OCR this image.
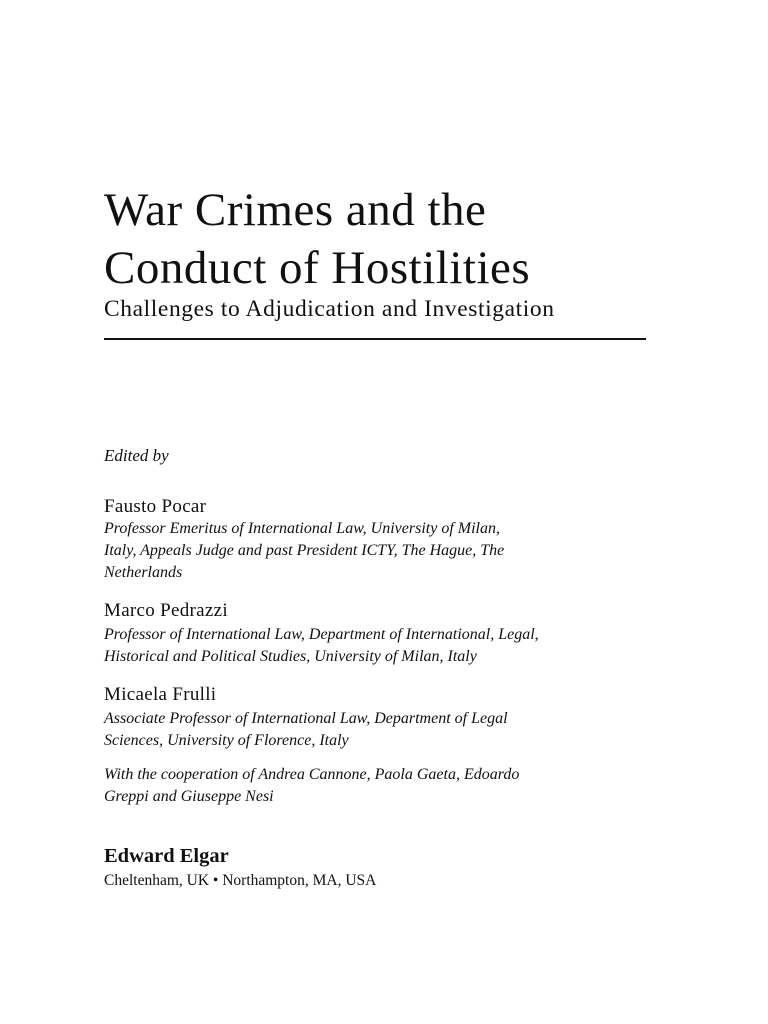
War Crimes and the
Conduct of Hostilities
Challenges to Adjudication and Investigation
Edited by
Fausto Pocar
Professor Emeritus of International Law, University of Milan,
Italy, Appeals Judge and past President ICTY, The Hague, The
Netherlands
Marco Pedrazzi
Professor of International Law, Department of International, Legal,
Historical and Political Studies, University of Milan, Italy
Micaela Frulli
Associate Professor of International Law, Department of Legal
Sciences, University of Florence, Italy
With the cooperation of Andrea Cannone, Paola Gaeta, Edoardo
Greppi and Giuseppe Nesi
Edward Elgar
Cheltenham, UK • Northampton, MA, USA
